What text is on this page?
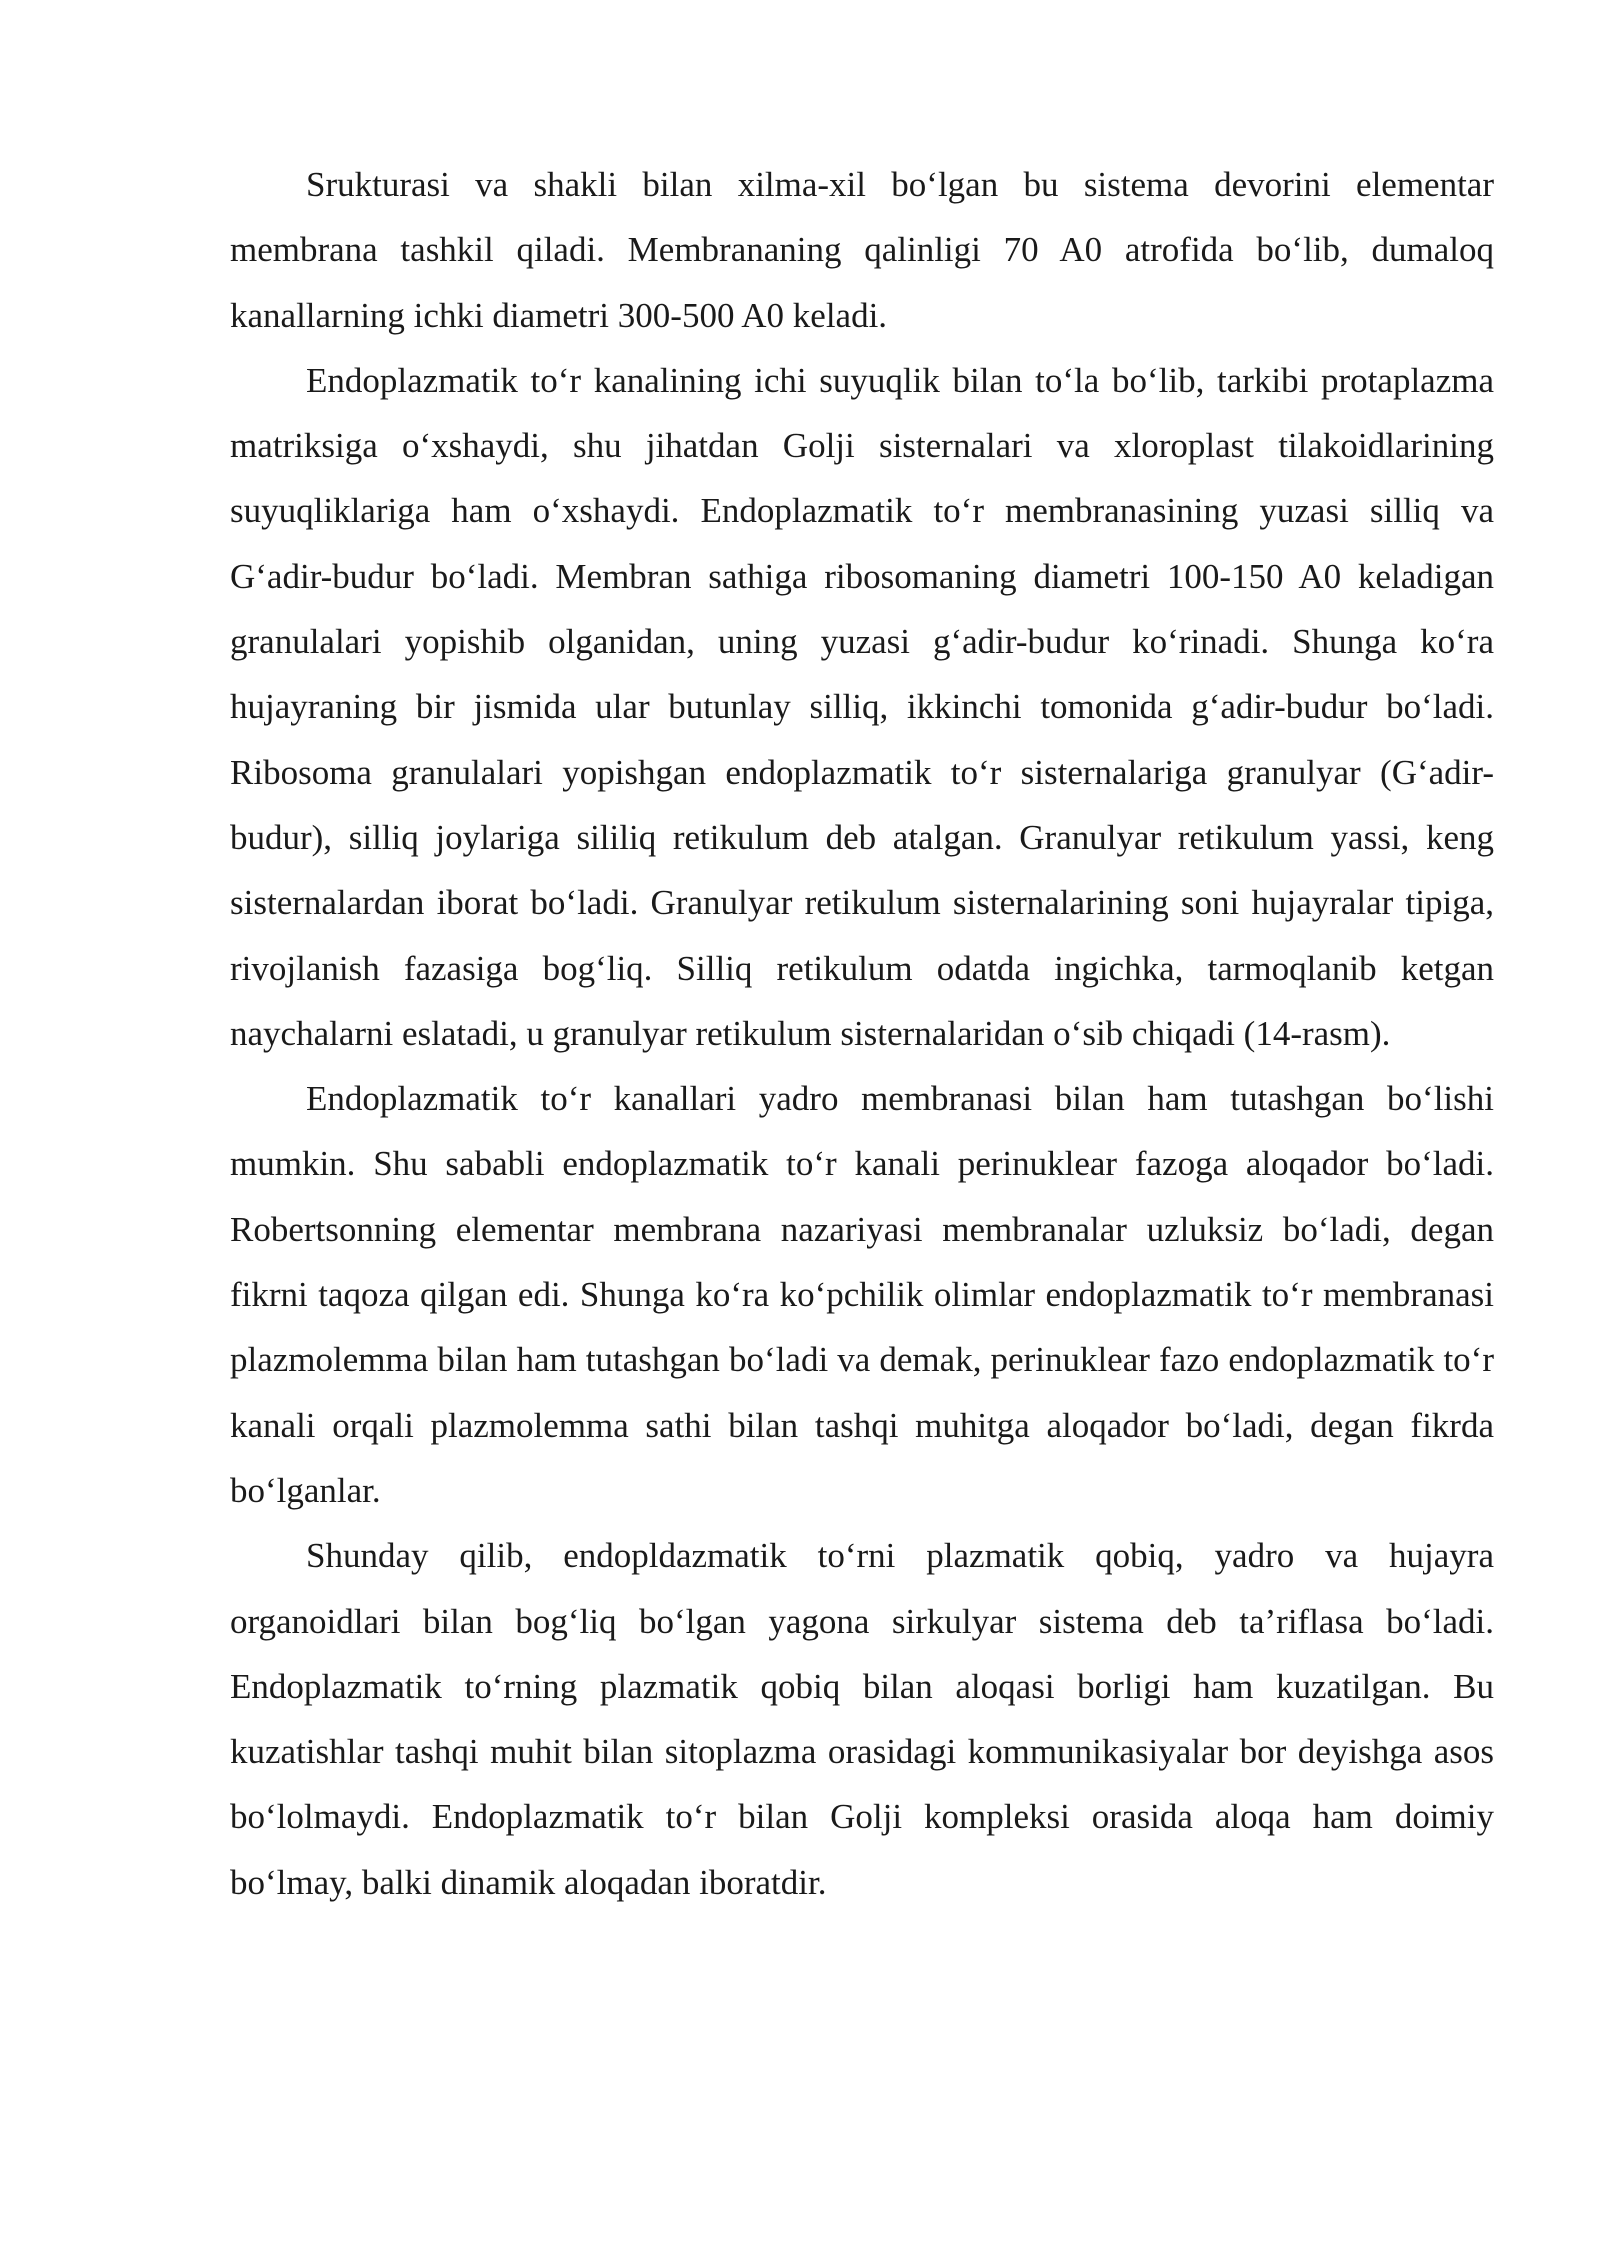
Srukturasi va shakli bilan xilma-xil bo‘lgan bu sistema devorini elementar membrana tashkil qiladi. Membrananing qalinligi 70 A0 atrofida bo‘lib, dumaloq kanallarning ichki diametri 300-500 A0 keladi.

Endoplazmatik to‘r kanalining ichi suyuqlik bilan to‘la bo‘lib, tarkibi protaplazma matriksiga o‘xshaydi, shu jihatdan Golji sisternalari va xloroplast tilakoidlarining suyuqliklariga ham o‘xshaydi. Endoplazmatik to‘r membranasining yuzasi silliq va G‘adir-budur bo‘ladi. Membran sathiga ribosomaning diametri 100-150 A0 keladigan granulalari yopishib olganidan, uning yuzasi g‘adir-budur ko‘rinadi. Shunga ko‘ra hujayraning bir jismida ular butunlay silliq, ikkinchi tomonida g‘adir-budur bo‘ladi. Ribosoma granulalari yopishgan endoplazmatik to‘r sisternalariga granulyar (G‘adir-budur), silliq joylariga sililiq retikulum deb atalgan. Granulyar retikulum yassi, keng sisternalardan iborat bo‘ladi. Granulyar retikulum sisternalarining soni hujayralar tipiga, rivojlanish fazasiga bog‘liq. Silliq retikulum odatda ingichka, tarmoqlanib ketgan naychalarni eslatadi, u granulyar retikulum sisternalaridan o‘sib chiqadi (14-rasm).

Endoplazmatik to‘r kanallari yadro membranasi bilan ham tutashgan bo‘lishi mumkin. Shu sababli endoplazmatik to‘r kanali perinuklear fazoga aloqador bo‘ladi. Robertsonning elementar membrana nazariyasi membranalar uzluksiz bo‘ladi, degan fikrni taqoza qilgan edi. Shunga ko‘ra ko‘pchilik olimlar endoplazmatik to‘r membranasi plazmolemma bilan ham tutashgan bo‘ladi va demak, perinuklear fazo endoplazmatik to‘r kanali orqali plazmolemma sathi bilan tashqi muhitga aloqador bo‘ladi, degan fikrda bo‘lganlar.

Shunday qilib, endopldazmatik to‘rni plazmatik qobiq, yadro va hujayra organoidlari bilan bog‘liq bo‘lgan yagona sirkulyar sistema deb ta’riflasa bo‘ladi. Endoplazmatik to‘rning plazmatik qobiq bilan aloqasi borligi ham kuzatilgan. Bu kuzatishlar tashqi muhit bilan sitoplazma orasidagi kommunikasiyalar bor deyishga asos bo‘lolmaydi. Endoplazmatik to‘r bilan Golji kompleksi orasida aloqa ham doimiy bo‘lmay, balki dinamik aloqadan iboratdir.
